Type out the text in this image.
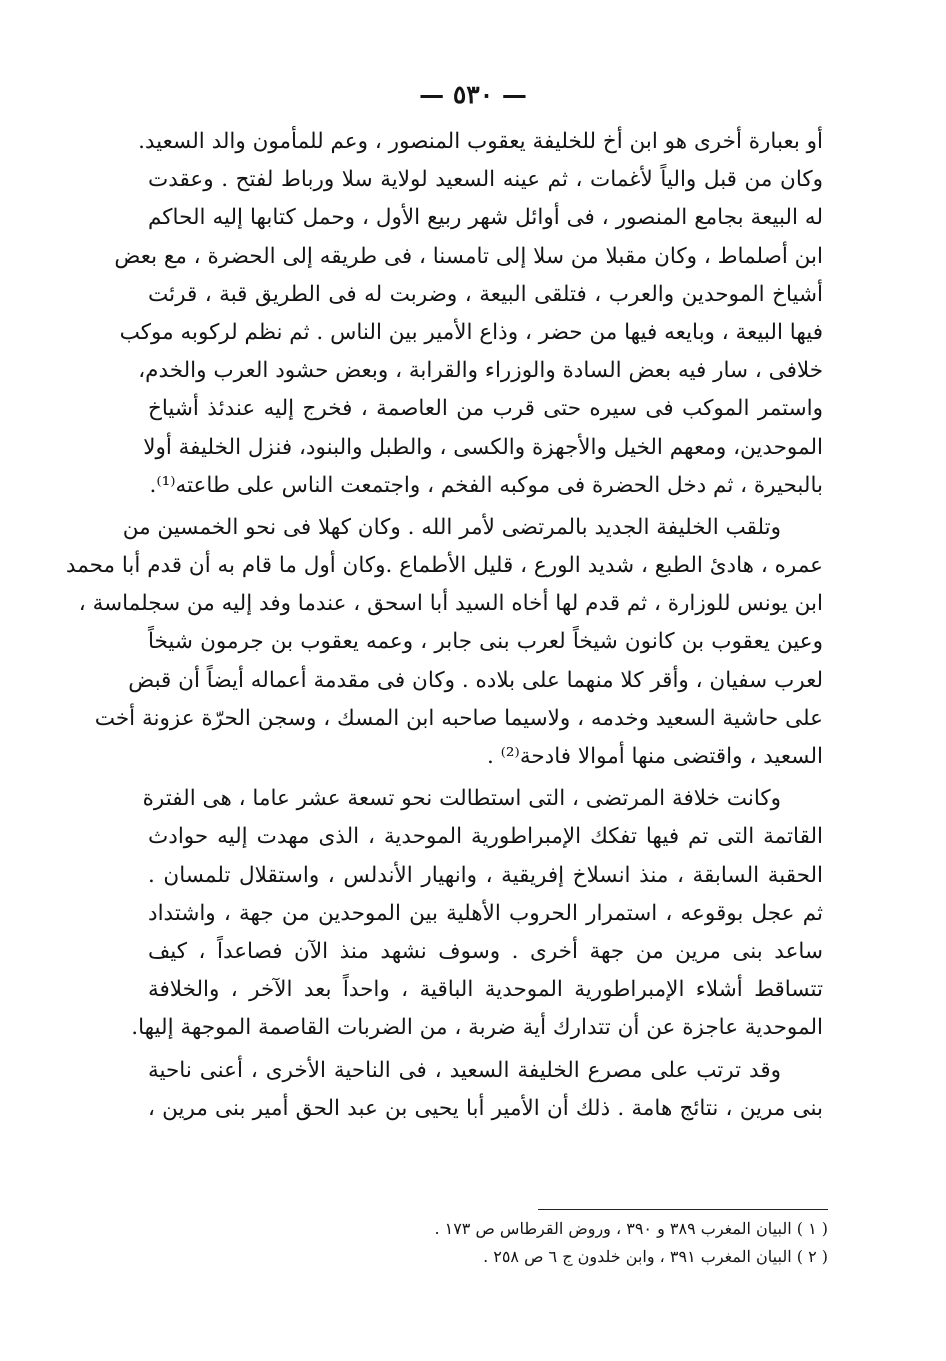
— ٥٣٠ —
أو بعبارة أخرى هو ابن أخ للخليفة يعقوب المنصور ، وعم للمأمون والد السعيد.
وكان من قبل والياً لأغمات ، ثم عينه السعيد لولاية سلا ورباط لفتح . وعقدت
له البيعة بجامع المنصور ، فى أوائل شهر ربيع الأول ، وحمل كتابها إليه الحاكم
ابن أصلماط ، وكان مقبلا من سلا إلى تامسنا ، فى طريقه إلى الحضرة ، مع بعض
أشياخ الموحدين والعرب ، فتلقى البيعة ، وضربت له فى الطريق قبة ، قرئت
فيها البيعة ، وبايعه فيها من حضر ، وذاع الأمير بين الناس . ثم نظم لركوبه موكب
خلافى ، سار فيه بعض السادة والوزراء والقرابة ، وبعض حشود العرب والخدم،
واستمر الموكب فى سيره حتى قرب من العاصمة ، فخرج إليه عندئذ أشياخ
الموحدين، ومعهم الخيل والأجهزة والكسى ، والطبل والبنود، فنزل الخليفة أولا
بالبحيرة ، ثم دخل الحضرة فى موكبه الفخم ، واجتمعت الناس على طاعته⁽¹⁾.
وتلقب الخليفة الجديد بالمرتضى لأمر الله . وكان كهلا فى نحو الخمسين من
عمره ، هادئ الطبع ، شديد الورع ، قليل الأطماع .وكان أول ما قام به أن قدم أبا محمد
ابن يونس للوزارة ، ثم قدم لها أخاه السيد أبا اسحق ، عندما وفد إليه من سجلماسة ،
وعين يعقوب بن كانون شيخاً لعرب بنى جابر ، وعمه يعقوب بن جرمون شيخاً
لعرب سفيان ، وأقر كلا منهما على بلاده . وكان فى مقدمة أعماله أيضاً أن قبض
على حاشية السعيد وخدمه ، ولاسيما صاحبه ابن المسك ، وسجن الحرّة عزونة أخت
السعيد ، واقتضى منها أموالا فادحة⁽²⁾ .
وكانت خلافة المرتضى ، التى استطالت نحو تسعة عشر عاما ، هى الفترة
القاتمة التى تم فيها تفكك الإمبراطورية الموحدية ، الذى مهدت إليه حوادث
الحقبة السابقة ، منذ انسلاخ إفريقية ، وانهيار الأندلس ، واستقلال تلمسان .
ثم عجل بوقوعه ، استمرار الحروب الأهلية بين الموحدين من جهة ، واشتداد
ساعد بنى مرين من جهة أخرى . وسوف نشهد منذ الآن فصاعداً ، كيف
تتساقط أشلاء الإمبراطورية الموحدية الباقية ، واحداً بعد الآخر ، والخلافة
الموحدية عاجزة عن أن تتدارك أية ضربة ، من الضربات القاصمة الموجهة إليها.
وقد ترتب على مصرع الخليفة السعيد ، فى الناحية الأخرى ، أعنى ناحية
بنى مرين ، نتائج هامة . ذلك أن الأمير أبا يحيى بن عبد الحق أمير بنى مرين ،
( ١ ) البيان المغرب ٣٨٩ و ٣٩٠ ، وروض القرطاس ص ١٧٣ .
( ٢ ) البيان المغرب ٣٩١ ، وابن خلدون ج ٦ ص ٢٥٨ .
